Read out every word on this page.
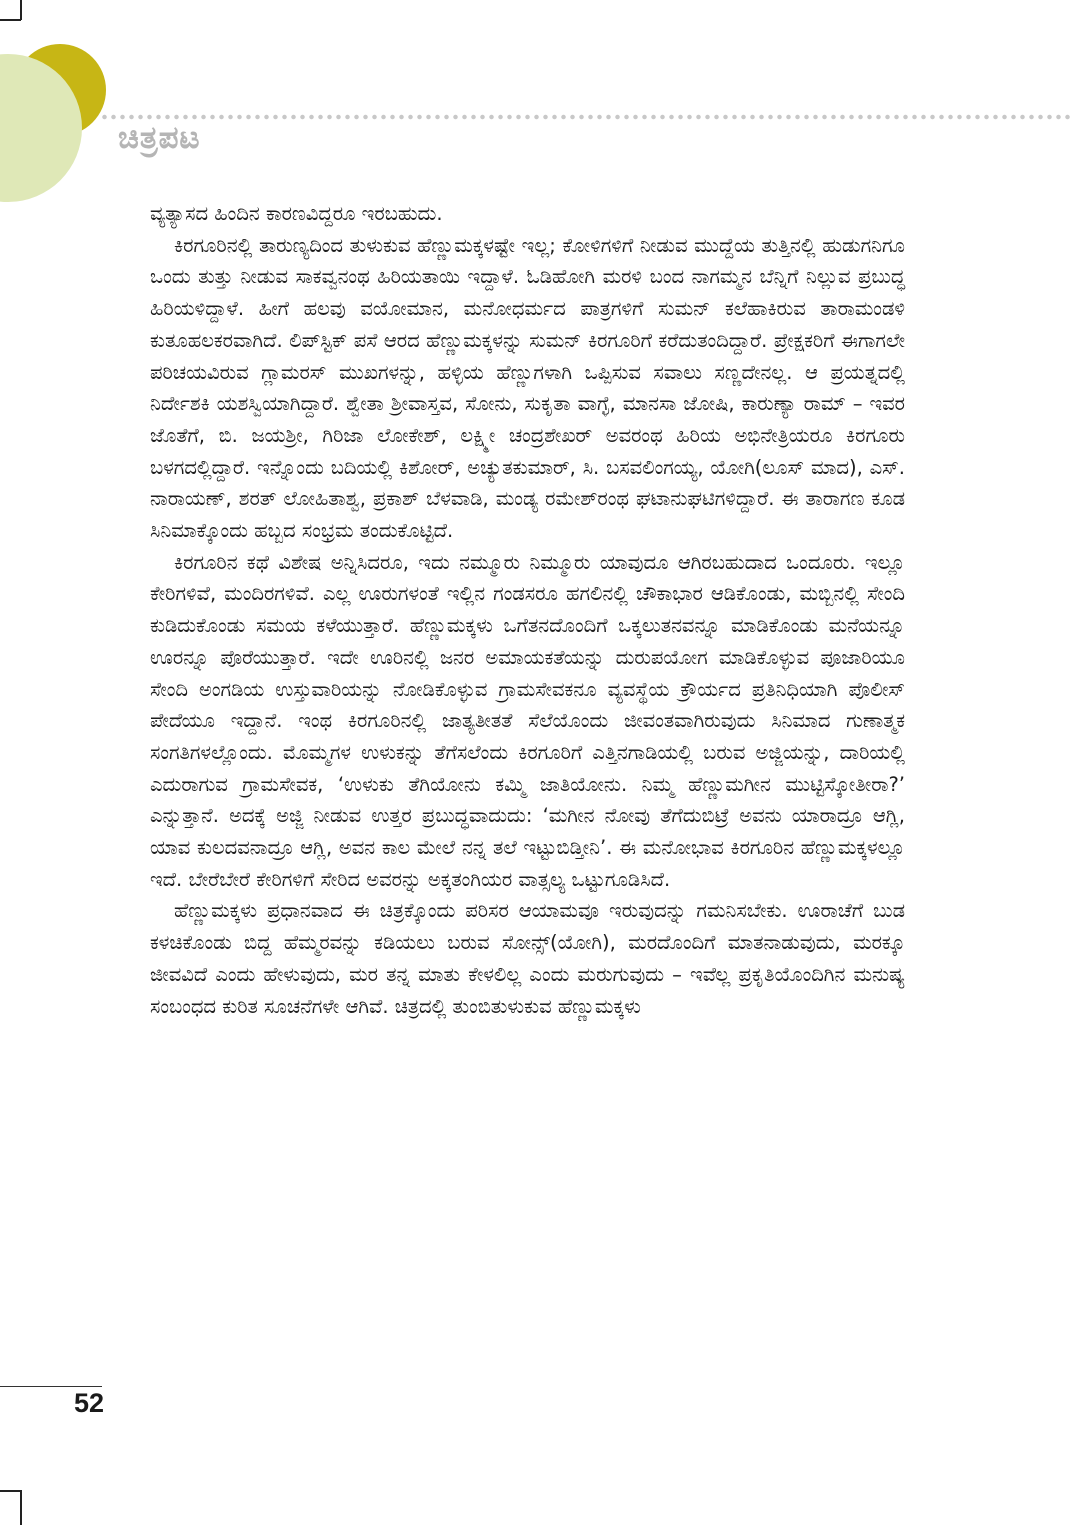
ಚಿತ್ರಪಟ

ವ್ಯತ್ಯಾಸದ ಹಿಂದಿನ ಕಾರಣವಿದ್ದರೂ ಇರಬಹುದು.

ಕಿರಗೂರಿನಲ್ಲಿ ತಾರುಣ್ಯದಿಂದ ತುಳುಕುವ ಹೆಣ್ಣುಮಕ್ಕಳಷ್ಟೇ ಇಲ್ಲ; ಕೋಳಿಗಳಿಗೆ ನೀಡುವ ಮುದ್ದೆಯ ತುತ್ತಿನಲ್ಲಿ ಹುಡುಗನಿಗೂ ಒಂದು ತುತ್ತು ನೀಡುವ ಸಾಕವ್ವನಂಥ ಹಿರಿಯತಾಯಿ ಇದ್ದಾಳೆ. ಓಡಿಹೋಗಿ ಮರಳಿ ಬಂದ ನಾಗಮ್ಮನ ಬೆನ್ನಿಗೆ ನಿಲ್ಲುವ ಪ್ರಬುದ್ಧ ಹಿರಿಯಳಿದ್ದಾಳೆ. ಹೀಗೆ ಹಲವು ವಯೋಮಾನ, ಮನೋಧರ್ಮದ ಪಾತ್ರಗಳಿಗೆ ಸುಮನ್ ಕಲೆಹಾಕಿರುವ ತಾರಾಮಂಡಳಿ ಕುತೂಹಲಕರವಾಗಿದೆ. ಲಿಪ್‌ಸ್ಟಿಕ್ ಪಸೆ ಆರದ ಹೆಣ್ಣುಮಕ್ಕಳನ್ನು ಸುಮನ್ ಕಿರಗೂರಿಗೆ ಕರೆದುತಂದಿದ್ದಾರೆ. ಪ್ರೇಕ್ಷಕರಿಗೆ ಈಗಾಗಲೇ ಪರಿಚಯವಿರುವ ಗ್ಲಾಮರಸ್ ಮುಖಗಳನ್ನು, ಹಳ್ಳಿಯ ಹೆಣ್ಣುಗಳಾಗಿ ಒಪ್ಪಿಸುವ ಸವಾಲು ಸಣ್ಣದೇನಲ್ಲ. ಆ ಪ್ರಯತ್ನದಲ್ಲಿ ನಿರ್ದೇಶಕಿ ಯಶಸ್ವಿಯಾಗಿದ್ದಾರೆ. ಶ್ವೇತಾ ಶ್ರೀವಾಸ್ತವ, ಸೋನು, ಸುಕೃತಾ ವಾಗ್ಳೆ, ಮಾನಸಾ ಜೋಷಿ, ಕಾರುಣ್ಯಾ ರಾಮ್ – ಇವರ ಜೊತೆಗೆ, ಬಿ. ಜಯಶ್ರೀ, ಗಿರಿಜಾ ಲೋಕೇಶ್, ಲಕ್ಷ್ಮೀ ಚಂದ್ರಶೇಖರ್ ಅವರಂಥ ಹಿರಿಯ ಅಭಿನೇತ್ರಿಯರೂ ಕಿರಗೂರು ಬಳಗದಲ್ಲಿದ್ದಾರೆ. ಇನ್ನೊಂದು ಬದಿಯಲ್ಲಿ ಕಿಶೋರ್, ಅಚ್ಯುತಕುಮಾರ್, ಸಿ. ಬಸವಲಿಂಗಯ್ಯ, ಯೋಗಿ(ಲೂಸ್ ಮಾದ), ಎಸ್. ನಾರಾಯಣ್, ಶರತ್ ಲೋಹಿತಾಶ್ವ, ಪ್ರಕಾಶ್ ಬೆಳವಾಡಿ, ಮಂಡ್ಯ ರಮೇಶ್‌ರಂಥ ಘಟಾನುಘಟಿಗಳಿದ್ದಾರೆ. ಈ ತಾರಾಗಣ ಕೂಡ ಸಿನಿಮಾಕ್ಕೊಂದು ಹಬ್ಬದ ಸಂಭ್ರಮ ತಂದುಕೊಟ್ಟಿದೆ.

ಕಿರಗೂರಿನ ಕಥೆ ವಿಶೇಷ ಅನ್ನಿಸಿದರೂ, ಇದು ನಮ್ಮೂರು ನಿಮ್ಮೂರು ಯಾವುದೂ ಆಗಿರಬಹುದಾದ ಒಂದೂರು. ಇಲ್ಲೂ ಕೇರಿಗಳಿವೆ, ಮಂದಿರಗಳಿವೆ. ಎಲ್ಲ ಊರುಗಳಂತೆ ಇಲ್ಲಿನ ಗಂಡಸರೂ ಹಗಲಿನಲ್ಲಿ ಚೌಕಾಭಾರ ಆಡಿಕೊಂಡು, ಮಬ್ಬಿನಲ್ಲಿ ಸೇಂದಿ ಕುಡಿದುಕೊಂಡು ಸಮಯ ಕಳೆಯುತ್ತಾರೆ. ಹೆಣ್ಣುಮಕ್ಕಳು ಒಗೆತನದೊಂದಿಗೆ ಒಕ್ಕಲುತನವನ್ನೂ ಮಾಡಿಕೊಂಡು ಮನೆಯನ್ನೂ ಊರನ್ನೂ ಪೊರೆಯುತ್ತಾರೆ. ಇದೇ ಊರಿನಲ್ಲಿ ಜನರ ಅಮಾಯಕತೆಯನ್ನು ದುರುಪಯೋಗ ಮಾಡಿಕೊಳ್ಳುವ ಪೂಜಾರಿಯೂ ಸೇಂದಿ ಅಂಗಡಿಯ ಉಸ್ತುವಾರಿಯನ್ನು ನೋಡಿಕೊಳ್ಳುವ ಗ್ರಾಮಸೇವಕನೂ ವ್ಯವಸ್ಥೆಯ ಕ್ರೌರ್ಯದ ಪ್ರತಿನಿಧಿಯಾಗಿ ಪೊಲೀಸ್ ಪೇದೆಯೂ ಇದ್ದಾನೆ. ಇಂಥ ಕಿರಗೂರಿನಲ್ಲಿ ಜಾತ್ಯತೀತತೆ ಸೆಲೆಯೊಂದು ಜೀವಂತವಾಗಿರುವುದು ಸಿನಿಮಾದ ಗುಣಾತ್ಮಕ ಸಂಗತಿಗಳಲ್ಲೊಂದು. ಮೊಮ್ಮಗಳ ಉಳುಕನ್ನು ತೆಗೆಸಲೆಂದು ಕಿರಗೂರಿಗೆ ಎತ್ತಿನಗಾಡಿಯಲ್ಲಿ ಬರುವ ಅಜ್ಜಿಯನ್ನು, ದಾರಿಯಲ್ಲಿ ಎದುರಾಗುವ ಗ್ರಾಮಸೇವಕ, ‘ಉಳುಕು ತೆಗಿಯೋನು ಕಮ್ಮಿ ಜಾತಿಯೋನು. ನಿಮ್ಮ ಹೆಣ್ಣುಮಗೀನ ಮುಟ್ಟಿಸ್ಕೋತೀರಾ?’ ಎನ್ನುತ್ತಾನೆ. ಅದಕ್ಕೆ ಅಜ್ಜಿ ನೀಡುವ ಉತ್ತರ ಪ್ರಬುದ್ಧವಾದುದು: ‘ಮಗೀನ ನೋವು ತೆಗೆದುಬಿಟ್ರೆ ಅವನು ಯಾರಾದ್ರೂ ಆಗ್ಲಿ, ಯಾವ ಕುಲದವನಾದ್ರೂ ಆಗ್ಲಿ, ಅವನ ಕಾಲ ಮೇಲೆ ನನ್ನ ತಲೆ ಇಟ್ಟುಬಿಡ್ತೀನಿ’. ಈ ಮನೋಭಾವ ಕಿರಗೂರಿನ ಹೆಣ್ಣುಮಕ್ಕಳಲ್ಲೂ ಇದೆ. ಬೇರೆಬೇರೆ ಕೇರಿಗಳಿಗೆ ಸೇರಿದ ಅವರನ್ನು ಅಕ್ಕತಂಗಿಯರ ವಾತ್ಸಲ್ಯ ಒಟ್ಟುಗೂಡಿಸಿದೆ.

ಹೆಣ್ಣುಮಕ್ಕಳು ಪ್ರಧಾನವಾದ ಈ ಚಿತ್ರಕ್ಕೊಂದು ಪರಿಸರ ಆಯಾಮವೂ ಇರುವುದನ್ನು ಗಮನಿಸಬೇಕು. ಊರಾಚೆಗೆ ಬುಡ ಕಳಚಿಕೊಂಡು ಬಿದ್ದ ಹೆಮ್ಮರವನ್ನು ಕಡಿಯಲು ಬರುವ ಸೋನ್ಸ್(ಯೋಗಿ), ಮರದೊಂದಿಗೆ ಮಾತನಾಡುವುದು, ಮರಕ್ಕೂ ಜೀವವಿದೆ ಎಂದು ಹೇಳುವುದು, ಮರ ತನ್ನ ಮಾತು ಕೇಳಲಿಲ್ಲ ಎಂದು ಮರುಗುವುದು – ಇವೆಲ್ಲ ಪ್ರಕೃತಿಯೊಂದಿಗಿನ ಮನುಷ್ಯ ಸಂಬಂಧದ ಕುರಿತ ಸೂಚನೆಗಳೇ ಆಗಿವೆ. ಚಿತ್ರದಲ್ಲಿ ತುಂಬಿತುಳುಕುವ ಹೆಣ್ಣುಮಕ್ಕಳು

52
